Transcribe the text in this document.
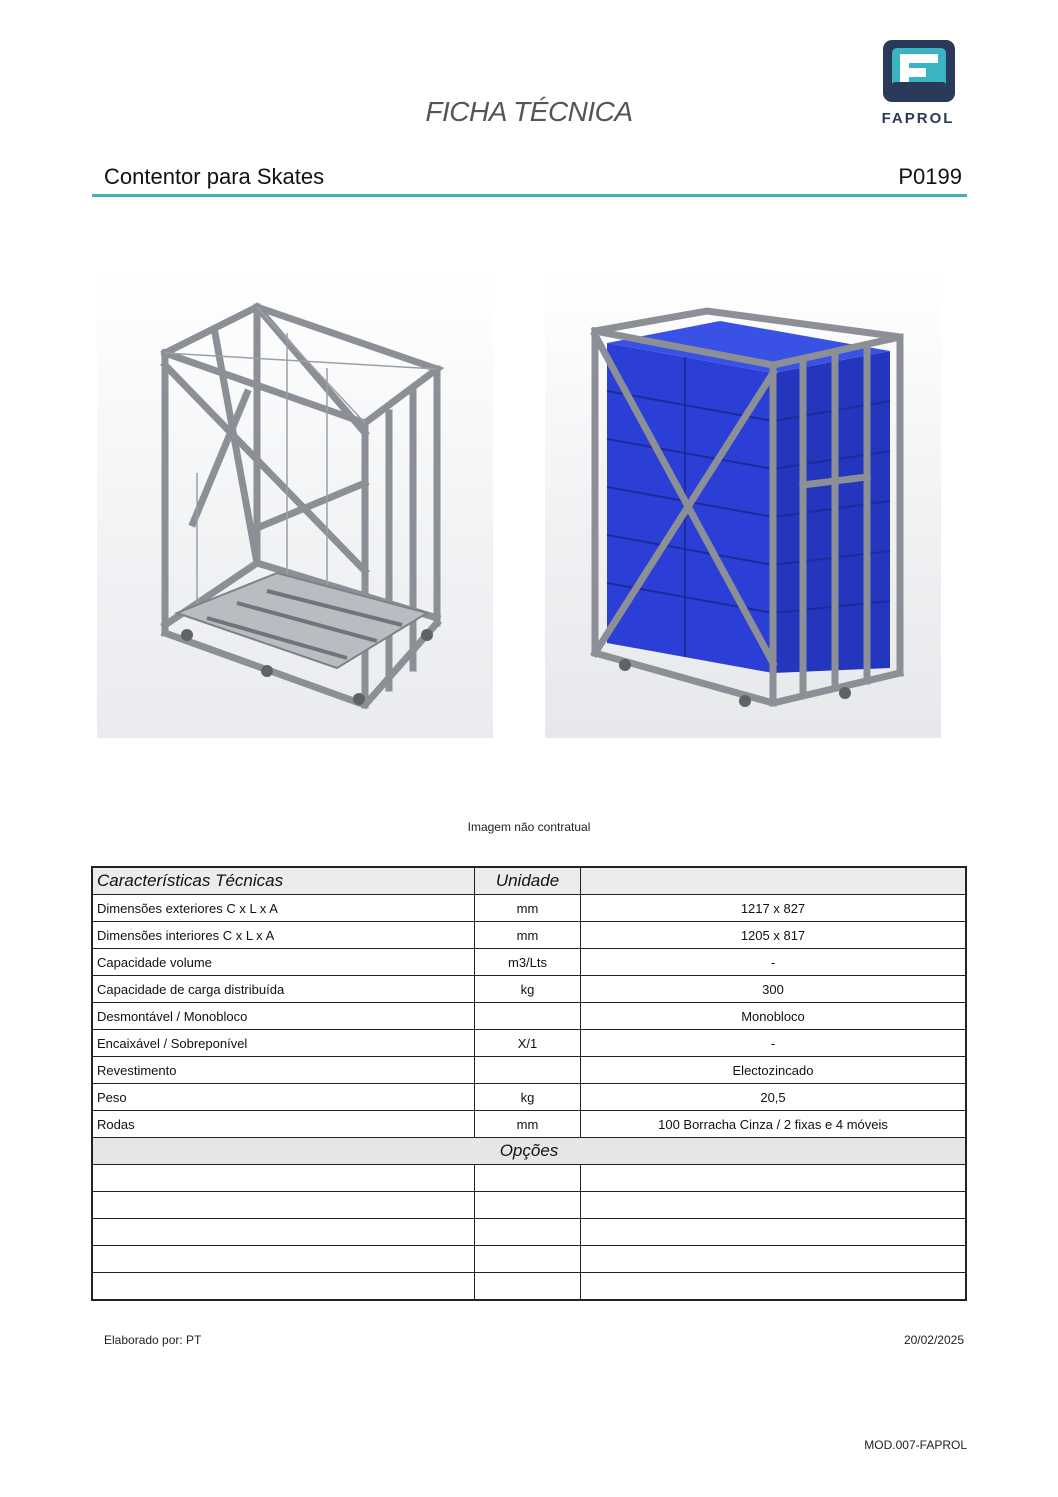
FICHA TÉCNICA	FAPROL
Contentor para Skates	P0199
Imagem não contratual
Características Técnicas	Unidade	
Dimensões exteriores C x L x A	mm	1217 x 827
Dimensões interiores C x L x A	mm	1205 x 817
Capacidade volume	m3/Lts	-
Capacidade de carga distribuída	kg	300
Desmontável / Monobloco		Monobloco
Encaixável / Sobreponível	X/1	-
Revestimento		Electozincado
Peso	kg	20,5
Rodas	mm	100 Borracha Cinza / 2 fixas e 4 móveis
Opções		

Elaborado por: PT	20/02/2025
MOD.007-FAPROL
